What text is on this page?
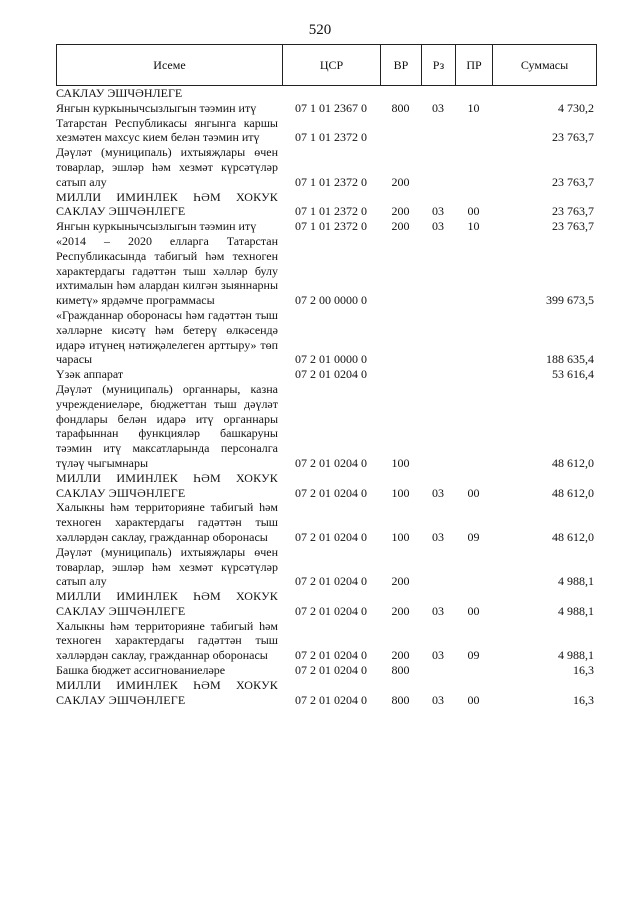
520
Исеме	ЦСР	ВР	Рз	ПР	Суммасы
САКЛАУ ЭШЧӘНЛЕГЕ					
Янгын куркынычсызлыгын тәэмин итү	07 1 01 2367 0	800	03	10	4 730,2
Татарстан Республикасы янгынга каршы хезмәтен махсус кием белән тәэмин итү	07 1 01 2372 0				23 763,7
Дәүләт (муниципаль) ихтыяҗлары өчен товарлар, эшләр һәм хезмәт күрсәтүләр сатып алу	07 1 01 2372 0	200			23 763,7
МИЛЛИ ИМИНЛЕК ҺӘМ ХОКУК САКЛАУ ЭШЧӘНЛЕГЕ	07 1 01 2372 0	200	03	00	23 763,7
Янгын куркынычсызлыгын тәэмин итү	07 1 01 2372 0	200	03	10	23 763,7
«2014 – 2020 елларга Татарстан Республикасында табигый һәм техноген характердагы гадәттән тыш хәлләр булу ихтималын һәм алардан килгән зыяннарны киметү» ярдәмче программасы	07 2 00 0000 0				399 673,5
«Гражданнар оборонасы һәм гадәттән тыш хәлләрне кисәтү һәм бетерү өлкәсендә идарә итүнең нәтиҗәлелеген арттыру» төп чарасы	07 2 01 0000 0				188 635,4
Үзәк аппарат	07 2 01 0204 0				53 616,4
Дәүләт (муниципаль) органнары, казна учреждениеләре, бюджеттан тыш дәүләт фондлары белән идарә итү органнары тарафыннан функцияләр башкаруны тәэмин итү максатларында персоналга түләү чыгымнары	07 2 01 0204 0	100			48 612,0
МИЛЛИ ИМИНЛЕК ҺӘМ ХОКУК САКЛАУ ЭШЧӘНЛЕГЕ	07 2 01 0204 0	100	03	00	48 612,0
Халыкны һәм территорияне табигый һәм техноген характердагы гадәттән тыш хәлләрдән саклау, гражданнар оборонасы	07 2 01 0204 0	100	03	09	48 612,0
Дәүләт (муниципаль) ихтыяҗлары өчен товарлар, эшләр һәм хезмәт күрсәтүләр сатып алу	07 2 01 0204 0	200			4 988,1
МИЛЛИ ИМИНЛЕК ҺӘМ ХОКУК САКЛАУ ЭШЧӘНЛЕГЕ	07 2 01 0204 0	200	03	00	4 988,1
Халыкны һәм территорияне табигый һәм техноген характердагы гадәттән тыш хәлләрдән саклау, гражданнар оборонасы	07 2 01 0204 0	200	03	09	4 988,1
Башка бюджет ассигнованиеләре	07 2 01 0204 0	800			16,3
МИЛЛИ ИМИНЛЕК ҺӘМ ХОКУК САКЛАУ ЭШЧӘНЛЕГЕ	07 2 01 0204 0	800	03	00	16,3
